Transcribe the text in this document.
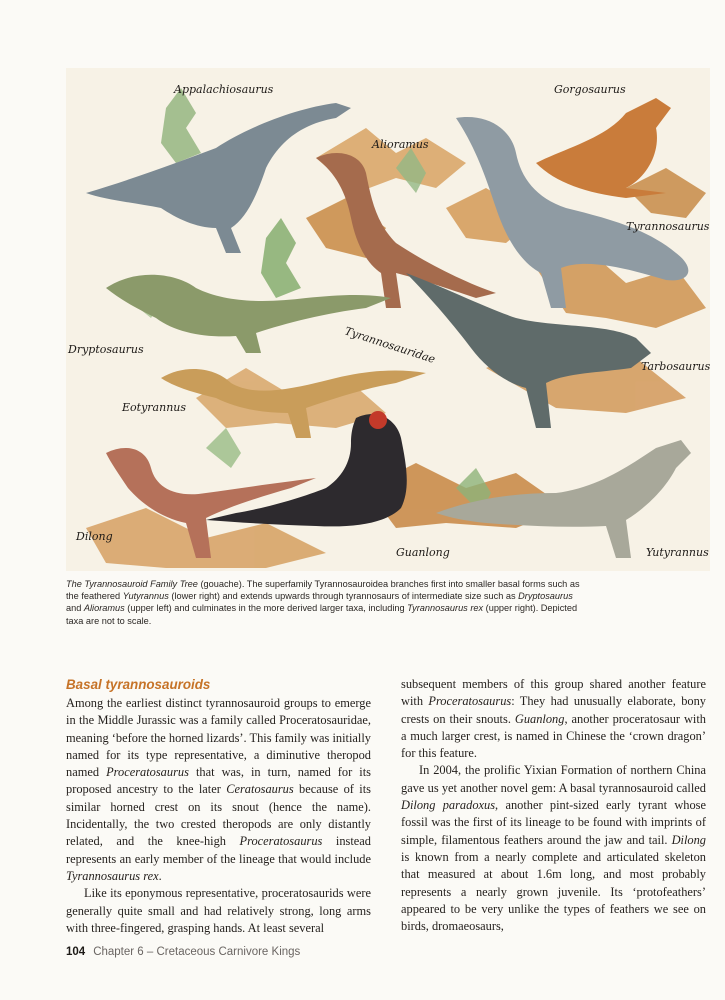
Appalachiosaurus	Gorgosaurus
Alioramus
Tyrannosaurus
Dryptosaurus	Tyrannosauridae
Tarbosaurus
Eotyrannus
Dilong
Guanlong	Yutyrannus
The Tyrannosauroid Family Tree (gouache). The superfamily Tyrannosauroidea branches first into smaller basal forms such as the feathered Yutyrannus (lower right) and extends upwards through tyrannosaurs of intermediate size such as Dryptosaurus and Alioramus (upper left) and culminates in the more derived larger taxa, including Tyrannosaurus rex (upper right). Depicted taxa are not to scale.
Basal tyrannosauroids

Among the earliest distinct tyrannosauroid groups to emerge in the Middle Jurassic was a family called Proceratosauridae, meaning ‘before the horned lizards’. This family was initially named for its type representative, a diminutive theropod named Proceratosaurus that was, in turn, named for its proposed ancestry to the later Ceratosaurus because of its similar horned crest on its snout (hence the name). Incidentally, the two crested theropods are only distantly related, and the knee-high Proceratosaurus instead represents an early member of the lineage that would include Tyrannosaurus rex.

Like its eponymous representative, proceratosaurids were generally quite small and had relatively strong, long arms with three-fingered, grasping hands. At least several

subsequent members of this group shared another feature with Proceratosaurus: They had unusually elaborate, bony crests on their snouts. Guanlong, another proceratosaur with a much larger crest, is named in Chinese the ‘crown dragon’ for this feature.

In 2004, the prolific Yixian Formation of northern China gave us yet another novel gem: A basal tyrannosauroid called Dilong paradoxus, another pint-sized early tyrant whose fossil was the first of its lineage to be found with imprints of simple, filamentous feathers around the jaw and tail. Dilong is known from a nearly complete and articulated skeleton that measured at about 1.6m long, and most probably represents a nearly grown juvenile. Its ‘protofeathers’ appeared to be very unlike the types of feathers we see on birds, dromaeosaurs,

104 Chapter 6 – Cretaceous Carnivore Kings
